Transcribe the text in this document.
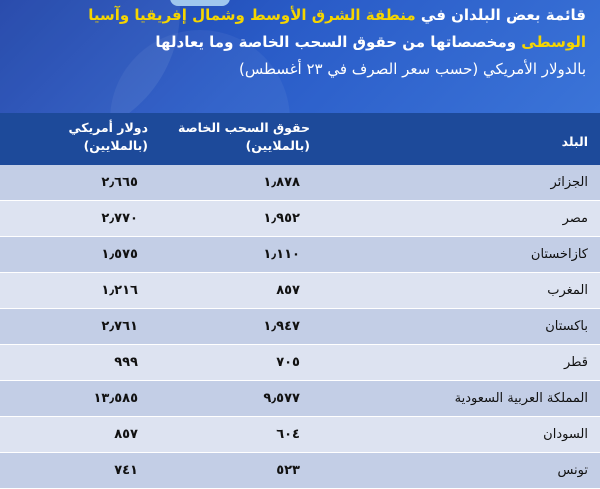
قائمة بعض البلدان في منطقة الشرق الأوسط وشمال إفريقيا وآسيا
الوسطى ومخصصاتها من حقوق السحب الخاصة وما يعادلها
بالدولار الأمريكي (حسب سعر الصرف في ٢٣ أغسطس)
البلد
حقوق السحب الخاصة
(بالملايين)
دولار أمريكي
(بالملايين)
الجزائر
١٫٨٧٨
٢٫٦٦٥
مصر
١٫٩٥٢
٢٫٧٧٠
كازاخستان
١٫١١٠
١٫٥٧٥
المغرب
٨٥٧
١٫٢١٦
باكستان
١٫٩٤٧
٢٫٧٦١
قطر
٧٠٥
٩٩٩
المملكة العربية السعودية
٩٫٥٧٧
١٣٫٥٨٥
السودان
٦٠٤
٨٥٧
تونس
٥٢٣
٧٤١
